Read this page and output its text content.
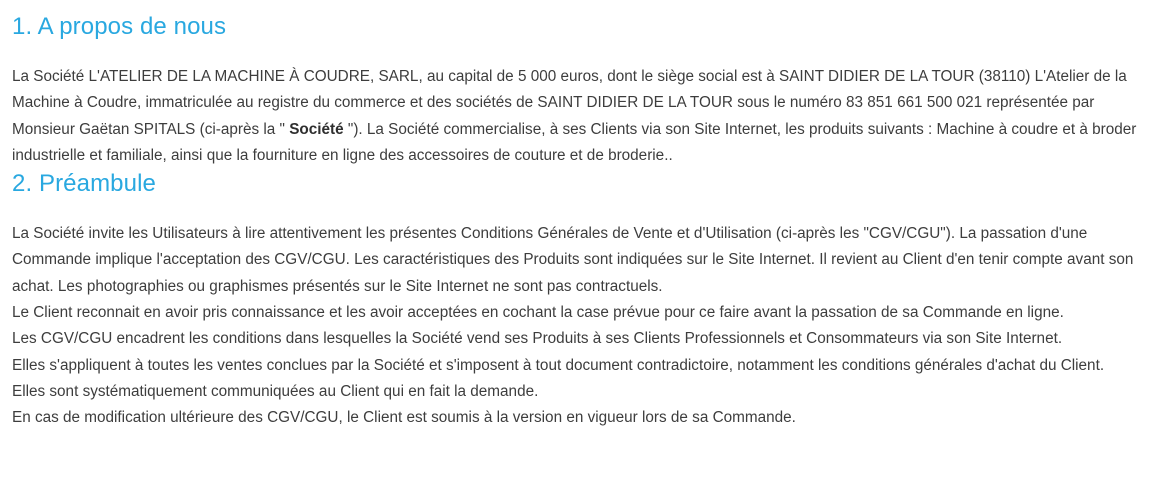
1. A propos de nous

La Société L'ATELIER DE LA MACHINE À COUDRE, SARL, au capital de 5 000 euros, dont le siège social est à SAINT DIDIER DE LA TOUR (38110) L'Atelier de la Machine à Coudre, immatriculée au registre du commerce et des sociétés de SAINT DIDIER DE LA TOUR sous le numéro 83 851 661 500 021 représentée par Monsieur Gaëtan SPITALS (ci-après la " Société "). La Société commercialise, à ses Clients via son Site Internet, les produits suivants : Machine à coudre et à broder industrielle et familiale, ainsi que la fourniture en ligne des accessoires de couture et de broderie..

2. Préambule

La Société invite les Utilisateurs à lire attentivement les présentes Conditions Générales de Vente et d'Utilisation (ci-après les "CGV/CGU"). La passation d'une Commande implique l'acceptation des CGV/CGU. Les caractéristiques des Produits sont indiquées sur le Site Internet. Il revient au Client d'en tenir compte avant son achat. Les photographies ou graphismes présentés sur le Site Internet ne sont pas contractuels.

Le Client reconnait en avoir pris connaissance et les avoir acceptées en cochant la case prévue pour ce faire avant la passation de sa Commande en ligne.

Les CGV/CGU encadrent les conditions dans lesquelles la Société vend ses Produits à ses Clients Professionnels et Consommateurs via son Site Internet.

Elles s'appliquent à toutes les ventes conclues par la Société et s'imposent à tout document contradictoire, notamment les conditions générales d'achat du Client.

Elles sont systématiquement communiquées au Client qui en fait la demande.

En cas de modification ultérieure des CGV/CGU, le Client est soumis à la version en vigueur lors de sa Commande.
